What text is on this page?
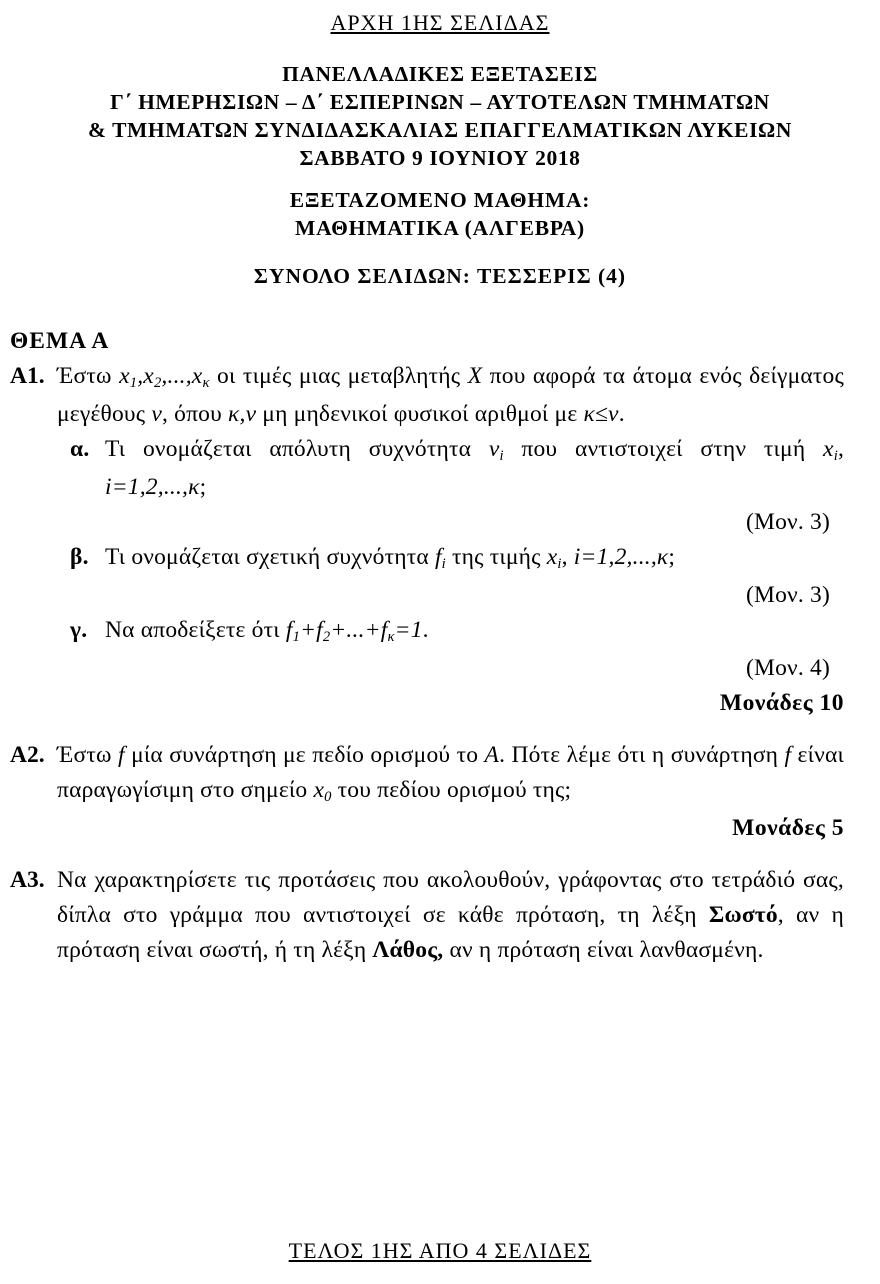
ΑΡΧΗ 1ΗΣ ΣΕΛΙΔΑΣ
ΠΑΝΕΛΛΑΔΙΚΕΣ ΕΞΕΤΑΣΕΙΣ
Γ΄ ΗΜΕΡΗΣΙΩΝ – Δ΄ ΕΣΠΕΡΙΝΩΝ – ΑΥΤΟΤΕΛΩΝ ΤΜΗΜΑΤΩΝ
& ΤΜΗΜΑΤΩΝ ΣΥΝΔΙΔΑΣΚΑΛΙΑΣ ΕΠΑΓΓΕΛΜΑΤΙΚΩΝ ΛΥΚΕΙΩΝ
ΣΑΒΒΑΤΟ 9 ΙΟΥΝΙΟΥ 2018
ΕΞΕΤΑΖΟΜΕΝΟ ΜΑΘΗΜΑ:
ΜΑΘΗΜΑΤΙΚΑ (ΑΛΓΕΒΡΑ)
ΣΥΝΟΛΟ ΣΕΛΙΔΩΝ: ΤΕΣΣΕΡΙΣ (4)
ΘΕΜΑ Α
Α1. Έστω $x_1,x_2,...,x_\kappa$ οι τιμές μιας μεταβλητής X που αφορά τα άτομα ενός δείγματος μεγέθους ν, όπου κ,ν μη μηδενικοί φυσικοί αριθμοί με κ≤ν.
α. Τι ονομάζεται απόλυτη συχνότητα $\nu_i$ που αντιστοιχεί στην τιμή $x_i$, i=1,2,...,κ;
(Μον. 3)
β. Τι ονομάζεται σχετική συχνότητα $f_i$ της τιμής $x_i$, i=1,2,...,κ;
(Μον. 3)
γ. Να αποδείξετε ότι $f_1+f_2+...+f_\kappa=1$.
(Μον. 4)
Μονάδες 10
Α2. Έστω f μία συνάρτηση με πεδίο ορισμού το A. Πότε λέμε ότι η συνάρτηση f είναι παραγωγίσιμη στο σημείο $x_0$ του πεδίου ορισμού της;
Μονάδες 5
Α3. Να χαρακτηρίσετε τις προτάσεις που ακολουθούν, γράφοντας στο τετράδιό σας, δίπλα στο γράμμα που αντιστοιχεί σε κάθε πρόταση, τη λέξη Σωστό, αν η πρόταση είναι σωστή, ή τη λέξη Λάθος, αν η πρόταση είναι λανθασμένη.
ΤΕΛΟΣ 1ΗΣ ΑΠΟ 4 ΣΕΛΙΔΕΣ
